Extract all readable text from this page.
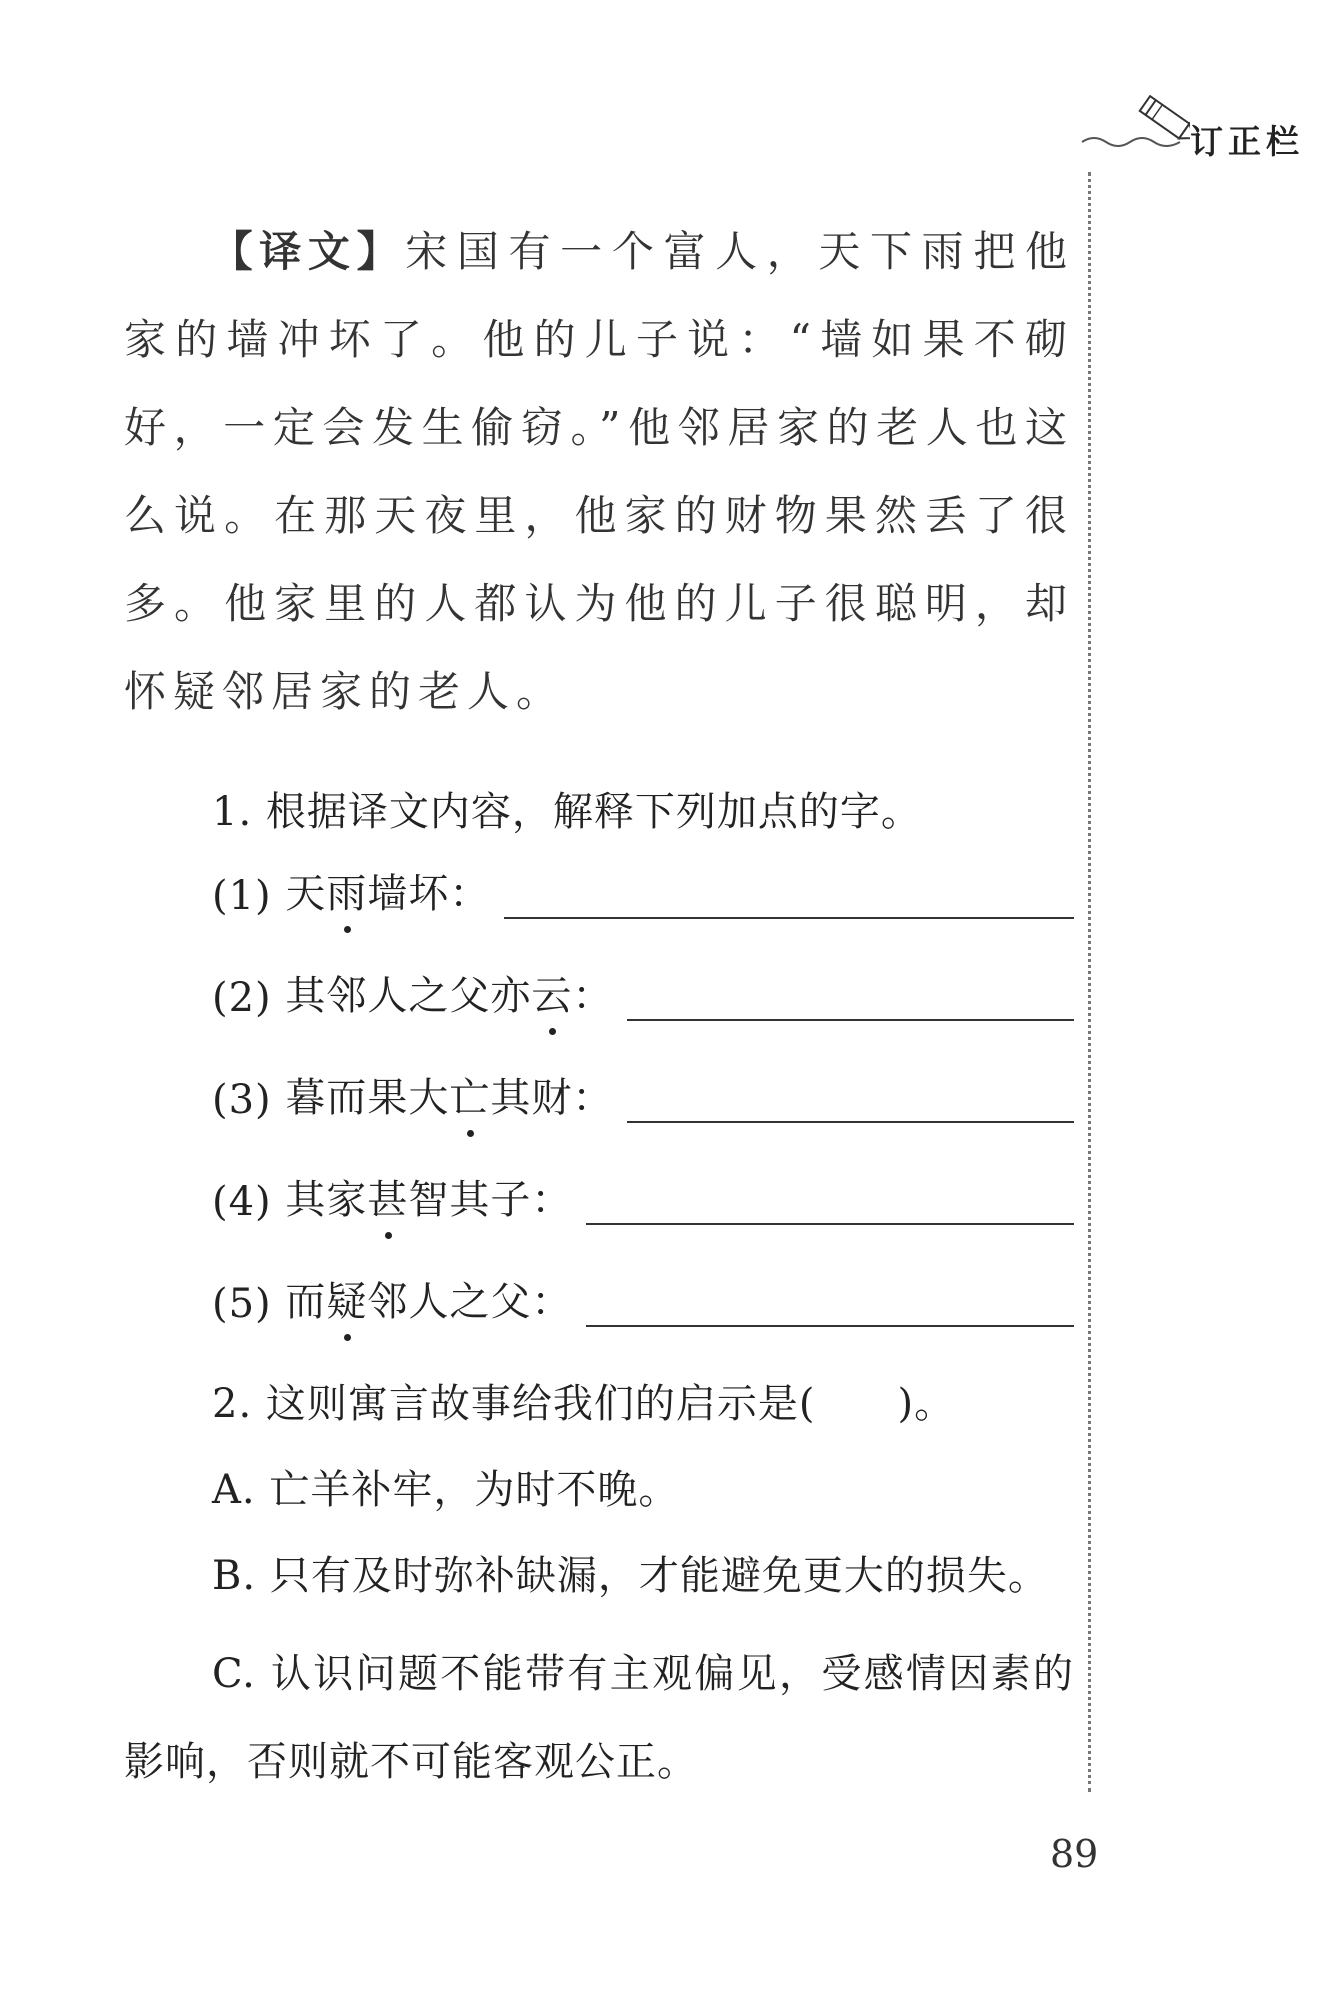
订正栏
【译文】宋国有一个富人，天下雨把他家的墙冲坏了。他的儿子说：“墙如果不砌好，一定会发生偷窃。”他邻居家的老人也这么说。在那天夜里，他家的财物果然丢了很多。他家里的人都认为他的儿子很聪明，却怀疑邻居家的老人。
1. 根据译文内容，解释下列加点的字。
(1)
天 雨 墙坏：
(2)
其邻人之父亦 云 ：
(3)
暮而果大 亡 其财：
(4)
其家 甚 智其子：
(5)
而 疑 邻人之父：
2. 这则寓言故事给我们的启示是(　　)。
A. 亡羊补牢，为时不晚。
B. 只有及时弥补缺漏，才能避免更大的损失。
C. 认识问题不能带有主观偏见，受感情因素的影响，否则就不可能客观公正。
89
